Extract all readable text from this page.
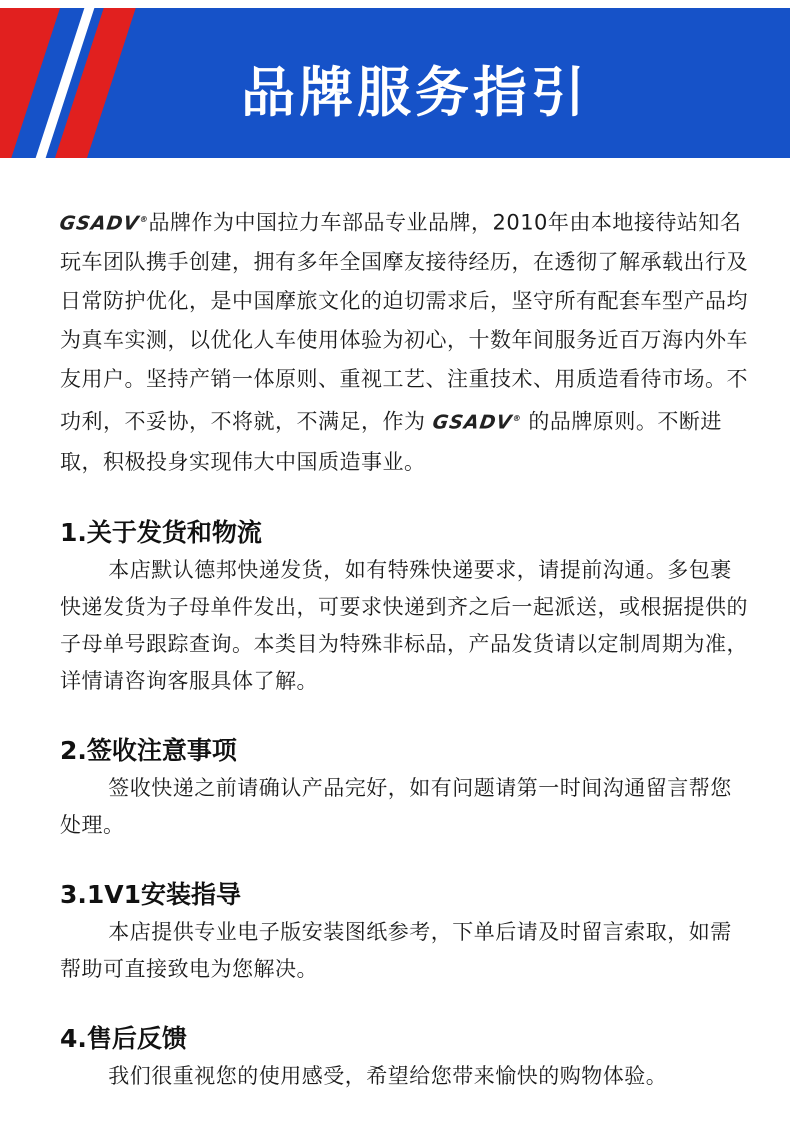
品牌服务指引

GSADV®品牌作为中国拉力车部品专业品牌，2010年由本地接待站知名玩车团队携手创建，拥有多年全国摩友接待经历，在透彻了解承载出行及日常防护优化，是中国摩旅文化的迫切需求后，坚守所有配套车型产品均为真车实测，以优化人车使用体验为初心，十数年间服务近百万海内外车友用户。坚持产销一体原则、重视工艺、注重技术、用质造看待市场。不功利，不妥协，不将就，不满足，作为 GSADV® 的品牌原则。不断进取，积极投身实现伟大中国质造事业。

1.关于发货和物流

本店默认德邦快递发货，如有特殊快递要求，请提前沟通。多包裹快递发货为子母单件发出，可要求快递到齐之后一起派送，或根据提供的子母单号跟踪查询。本类目为特殊非标品，产品发货请以定制周期为准，详情请咨询客服具体了解。

2.签收注意事项

签收快递之前请确认产品完好，如有问题请第一时间沟通留言帮您处理。

3.1V1安装指导

本店提供专业电子版安装图纸参考，下单后请及时留言索取，如需帮助可直接致电为您解决。

4.售后反馈

我们很重视您的使用感受，希望给您带来愉快的购物体验。
